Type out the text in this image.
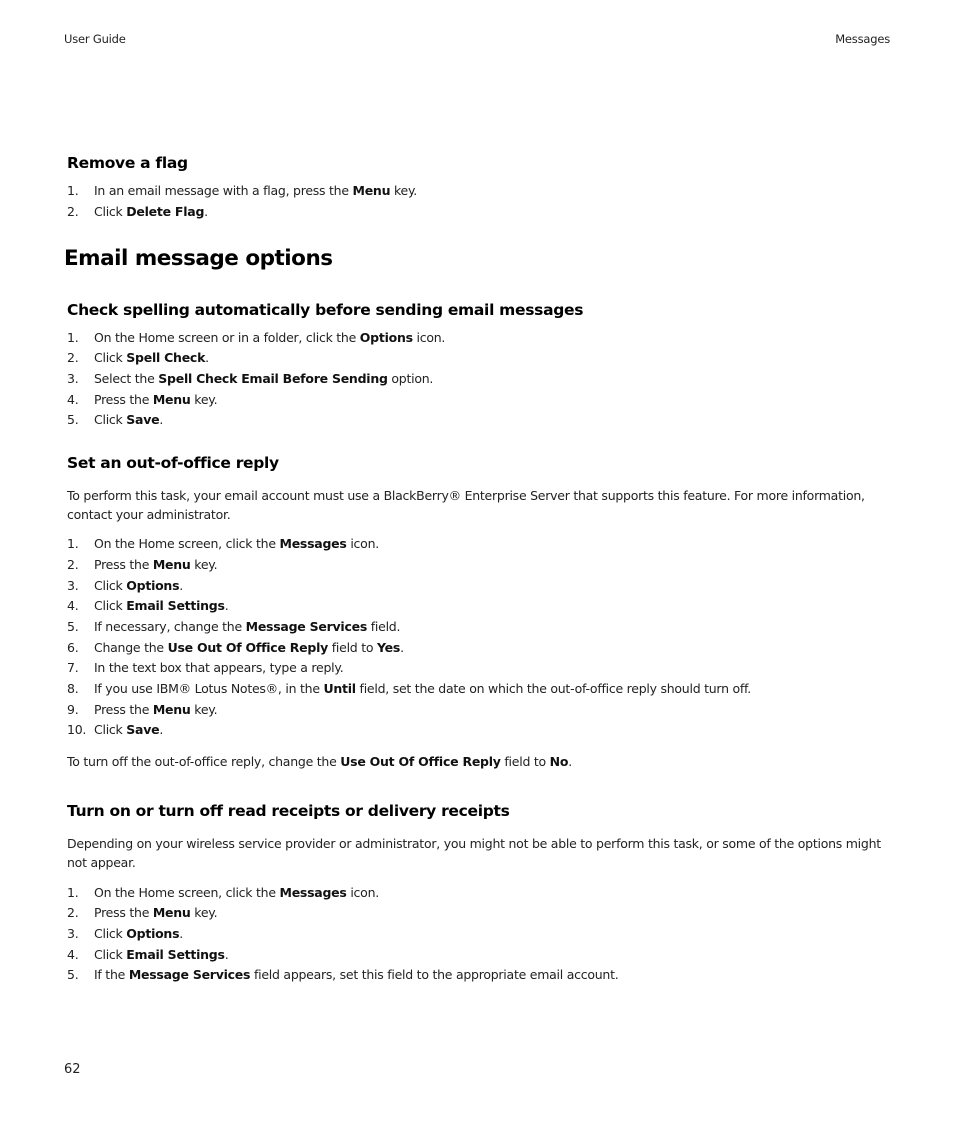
User Guide	Messages
Remove a flag
1. In an email message with a flag, press the Menu key.
2. Click Delete Flag.
Email message options
Check spelling automatically before sending email messages
1. On the Home screen or in a folder, click the Options icon.
2. Click Spell Check.
3. Select the Spell Check Email Before Sending option.
4. Press the Menu key.
5. Click Save.
Set an out-of-office reply
To perform this task, your email account must use a BlackBerry® Enterprise Server that supports this feature. For more information, contact your administrator.
1. On the Home screen, click the Messages icon.
2. Press the Menu key.
3. Click Options.
4. Click Email Settings.
5. If necessary, change the Message Services field.
6. Change the Use Out Of Office Reply field to Yes.
7. In the text box that appears, type a reply.
8. If you use IBM® Lotus Notes®, in the Until field, set the date on which the out-of-office reply should turn off.
9. Press the Menu key.
10. Click Save.
To turn off the out-of-office reply, change the Use Out Of Office Reply field to No.
Turn on or turn off read receipts or delivery receipts
Depending on your wireless service provider or administrator, you might not be able to perform this task, or some of the options might not appear.
1. On the Home screen, click the Messages icon.
2. Press the Menu key.
3. Click Options.
4. Click Email Settings.
5. If the Message Services field appears, set this field to the appropriate email account.
62
